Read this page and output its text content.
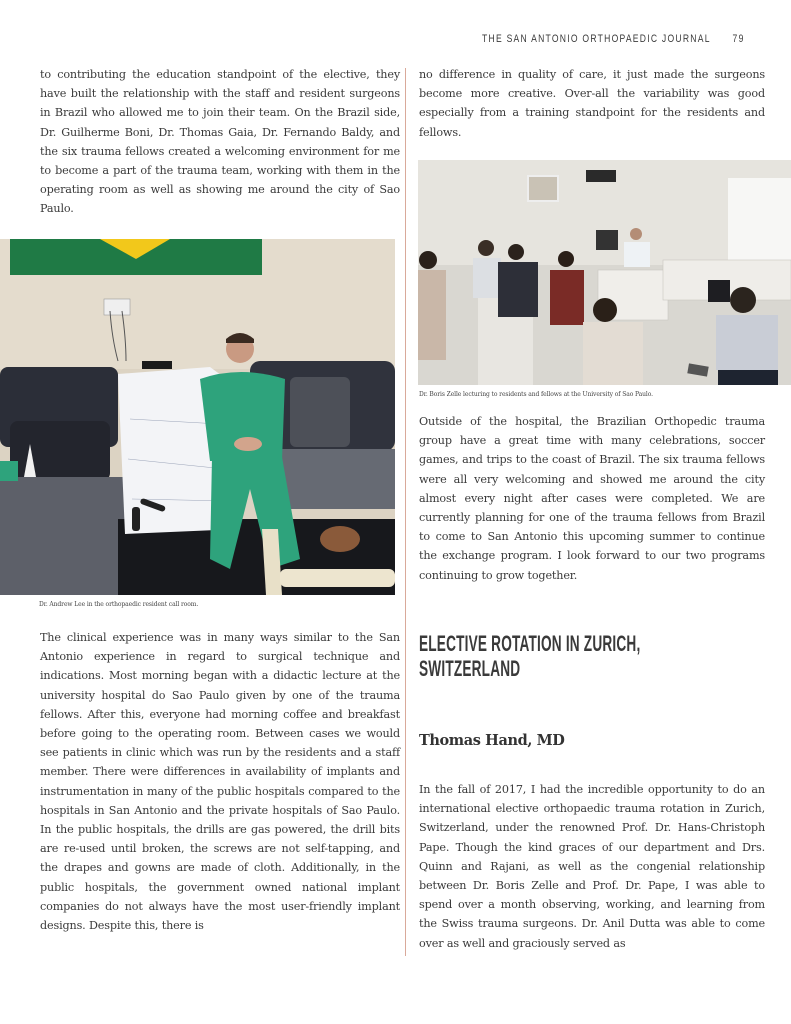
THE SAN ANTONIO ORTHOPAEDIC JOURNAL 79

to contributing the education standpoint of the elective, they have built the relationship with the staff and resident surgeons in Brazil who allowed me to join their team. On the Brazil side, Dr. Guilherme Boni, Dr. Thomas Gaia, Dr. Fernando Baldy, and the six trauma fellows created a welcoming environment for me to become a part of the trauma team, working with them in the operating room as well as showing me around the city of Sao Paulo.

Dr. Andrew Lee in the orthopaedic resident call room.

The clinical experience was in many ways similar to the San Antonio experience in regard to surgical technique and indications. Most morning began with a didactic lecture at the university hospital do Sao Paulo given by one of the trauma fellows. After this, everyone had morning coffee and breakfast before going to the operating room. Between cases we would see patients in clinic which was run by the residents and a staff member. There were differences in availability of implants and instrumentation in many of the public hospitals compared to the hospitals in San Antonio and the private hospitals of Sao Paulo. In the public hospitals, the drills are gas powered, the drill bits are re-used until broken, the screws are not self-tapping, and the drapes and gowns are made of cloth. Additionally, in the public hospitals, the government owned national implant companies do not always have the most user-friendly implant designs. Despite this, there is

no difference in quality of care, it just made the surgeons become more creative. Over-all the variability was good especially from a training standpoint for the residents and fellows.

Dr. Boris Zelle lecturing to residents and fellows at the University of Sao Paulo.

Outside of the hospital, the Brazilian Orthopedic trauma group have a great time with many celebrations, soccer games, and trips to the coast of Brazil. The six trauma fellows were all very welcoming and showed me around the city almost every night after cases were completed. We are currently planning for one of the trauma fellows from Brazil to come to San Antonio this upcoming summer to continue the exchange program. I look forward to our two programs continuing to grow together.

ELECTIVE ROTATION IN ZURICH,
SWITZERLAND
Thomas Hand, MD

In the fall of 2017, I had the incredible opportunity to do an international elective orthopaedic trauma rotation in Zurich, Switzerland, under the renowned Prof. Dr. Hans-Christoph Pape. Though the kind graces of our department and Drs. Quinn and Rajani, as well as the congenial relationship between Dr. Boris Zelle and Prof. Dr. Pape, I was able to spend over a month observing, working, and learning from the Swiss trauma surgeons. Dr. Anil Dutta was able to come over as well and graciously served as
